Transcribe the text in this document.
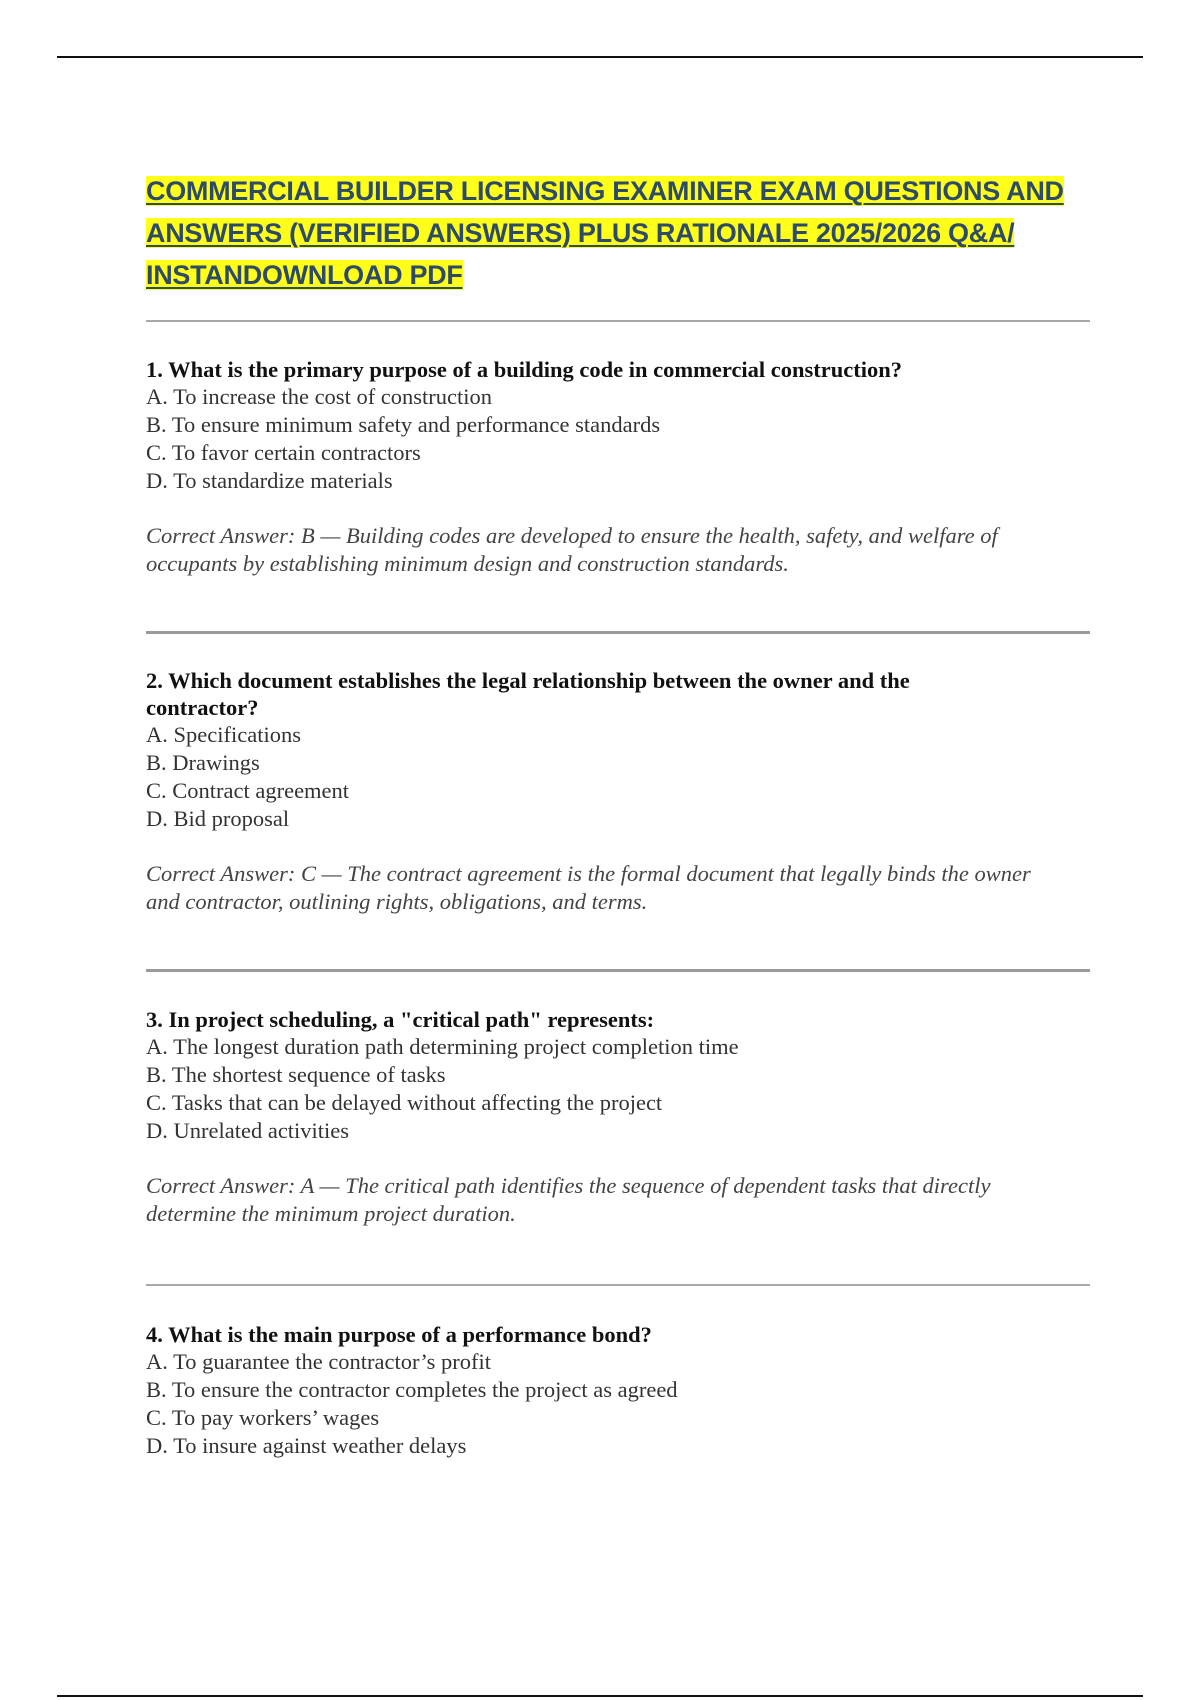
COMMERCIAL BUILDER LICENSING EXAMINER EXAM QUESTIONS AND ANSWERS (VERIFIED ANSWERS) PLUS RATIONALE 2025/2026 Q&A/ INSTANDOWNLOAD PDF

1. What is the primary purpose of a building code in commercial construction?

A. To increase the cost of construction
B. To ensure minimum safety and performance standards
C. To favor certain contractors
D. To standardize materials

Correct Answer: B — Building codes are developed to ensure the health, safety, and welfare of occupants by establishing minimum design and construction standards.

2. Which document establishes the legal relationship between the owner and the contractor?

A. Specifications
B. Drawings
C. Contract agreement
D. Bid proposal

Correct Answer: C — The contract agreement is the formal document that legally binds the owner and contractor, outlining rights, obligations, and terms.

3. In project scheduling, a "critical path" represents:

A. The longest duration path determining project completion time
B. The shortest sequence of tasks
C. Tasks that can be delayed without affecting the project
D. Unrelated activities

Correct Answer: A — The critical path identifies the sequence of dependent tasks that directly determine the minimum project duration.

4. What is the main purpose of a performance bond?

A. To guarantee the contractor’s profit
B. To ensure the contractor completes the project as agreed
C. To pay workers’ wages
D. To insure against weather delays
